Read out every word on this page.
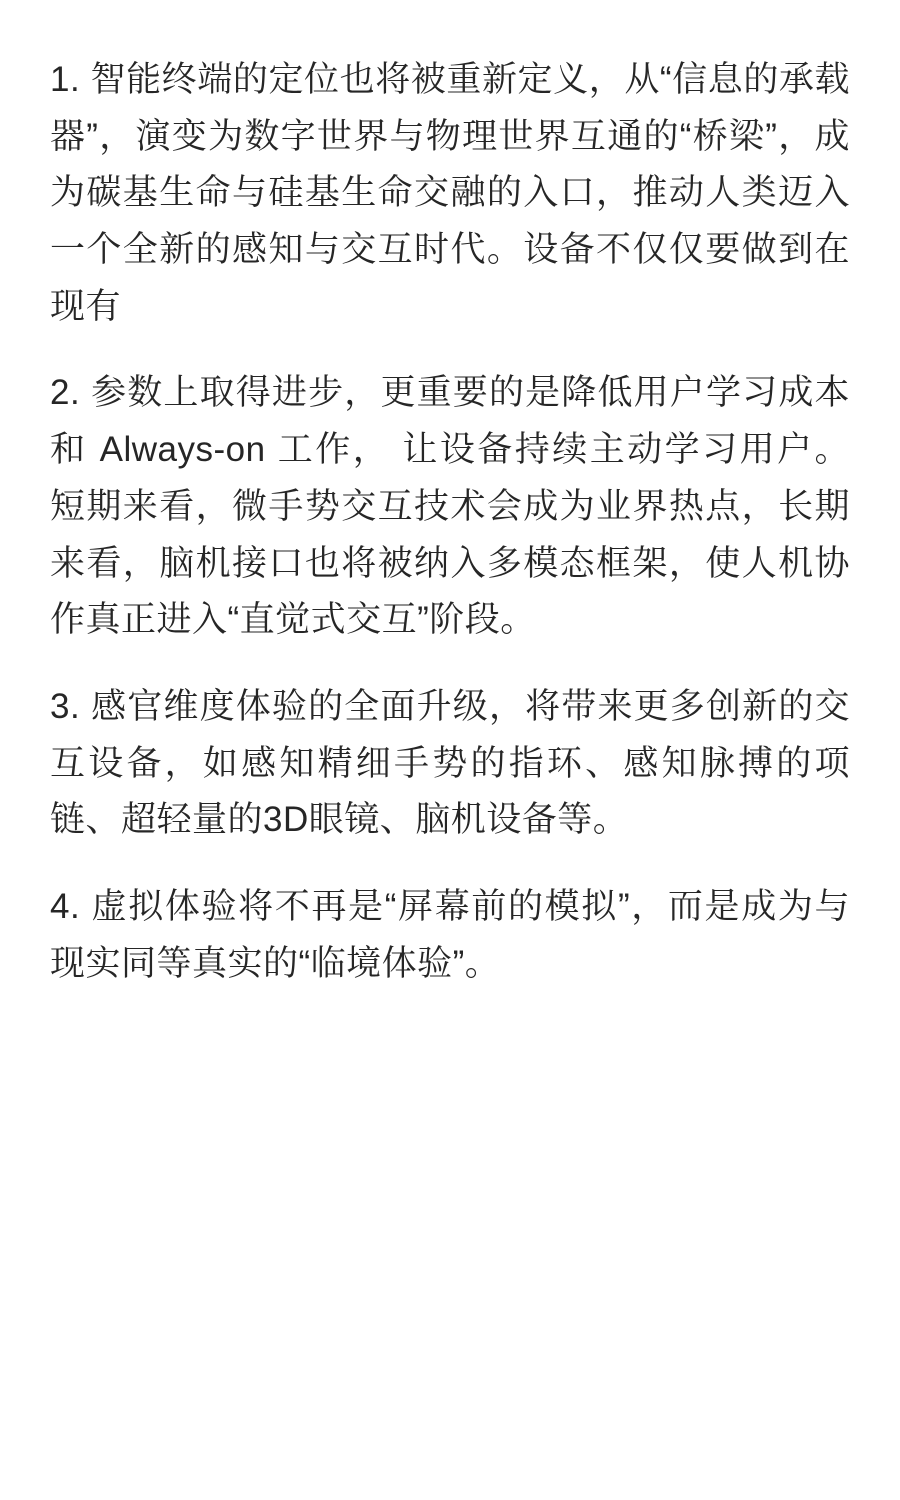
1. 智能终端的定位也将被重新定义，从“信息的承载器”，演变为数字世界与物理世界互通的“桥梁”，成为碳基生命与硅基生命交融的入口，推动人类迈入一个全新的感知与交互时代。设备不仅仅要做到在现有

2. 参数上取得进步，更重要的是降低用户学习成本和 Always-on 工作， 让设备持续主动学习用户。短期来看，微手势交互技术会成为业界热点，长期来看，脑机接口也将被纳入多模态框架，使人机协作真正进入“直觉式交互”阶段。

3. 感官维度体验的全面升级，将带来更多创新的交互设备，如感知精细手势的指环、感知脉搏的项链、超轻量的3D眼镜、脑机设备等。

4. 虚拟体验将不再是“屏幕前的模拟”，而是成为与现实同等真实的“临境体验”。
